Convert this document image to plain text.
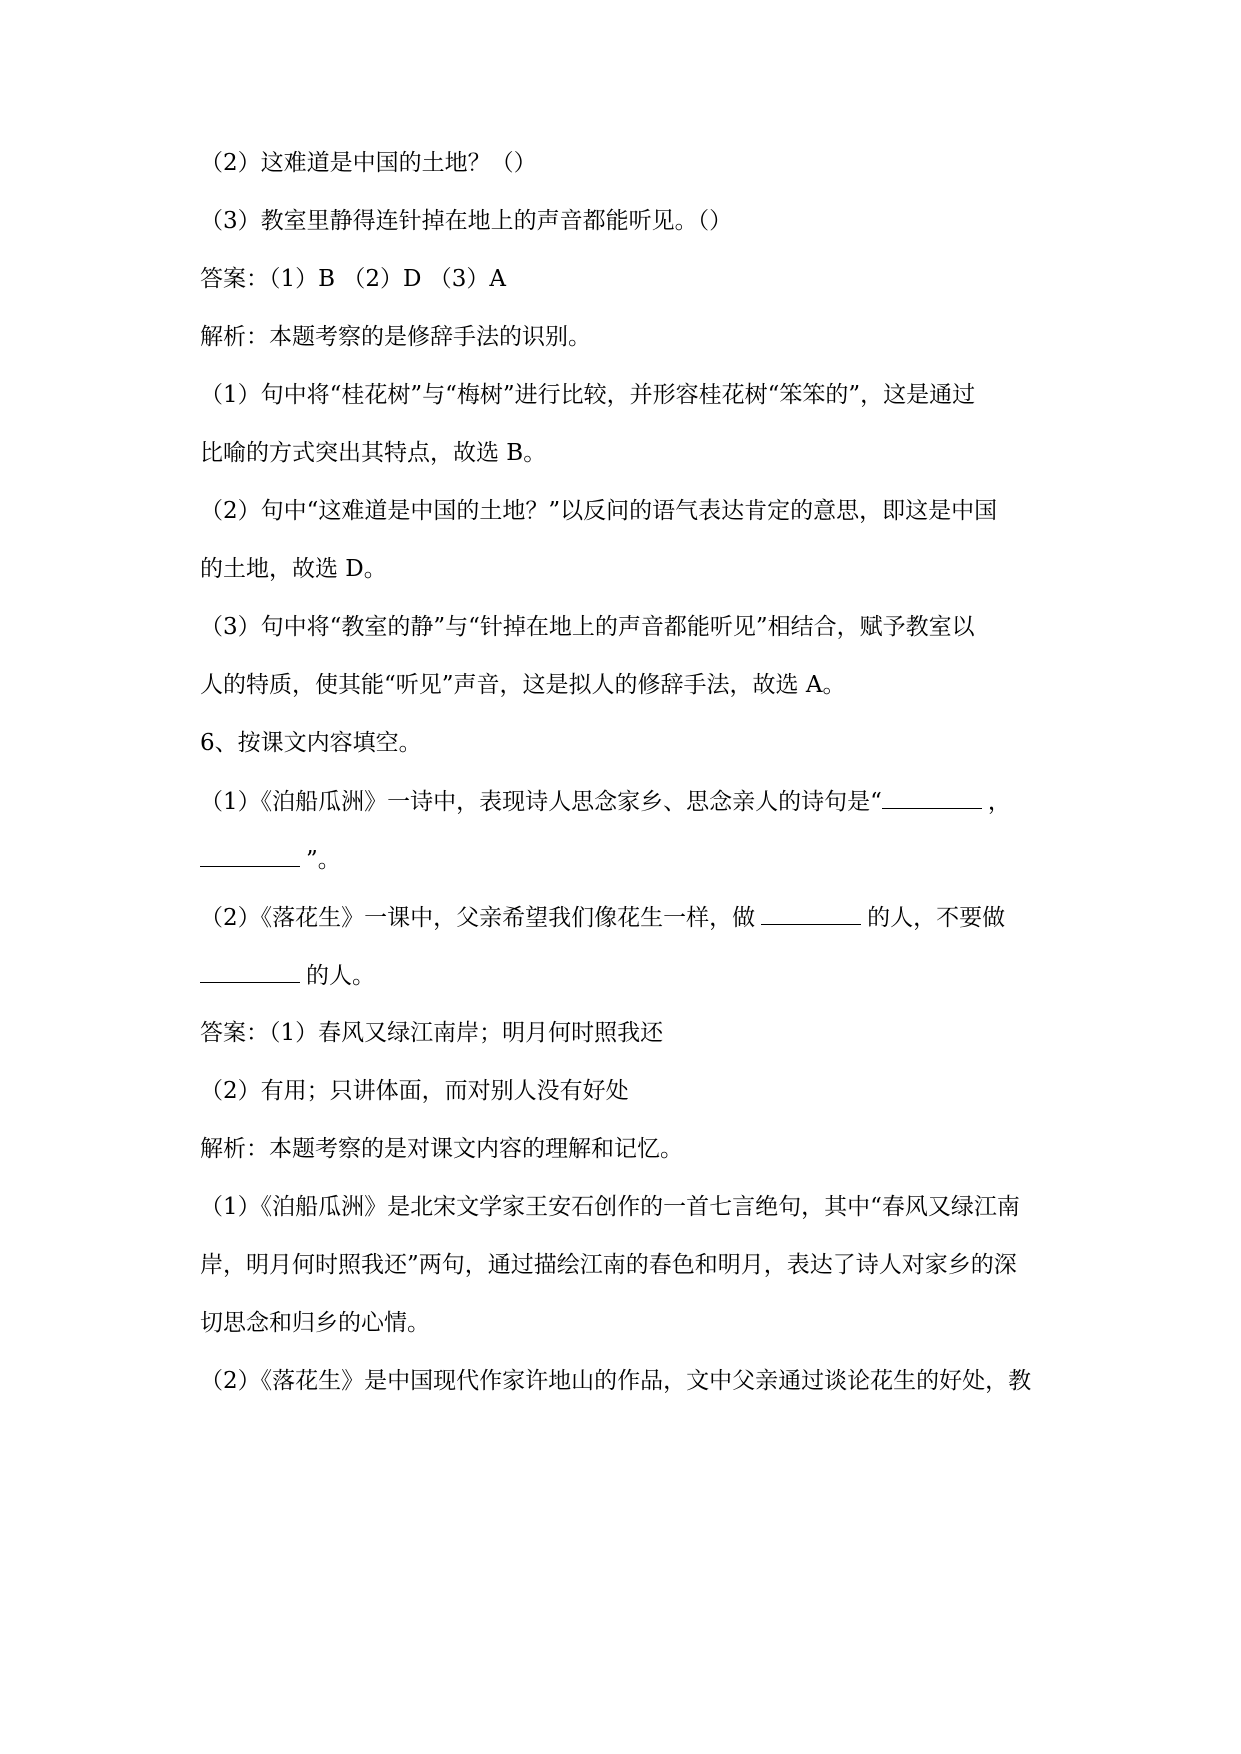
（2）这难道是中国的土地？（）
（3）教室里静得连针掉在地上的声音都能听见。（）
答案：（1）B （2）D （3）A
解析：本题考察的是修辞手法的识别。
（1）句中将“桂花树”与“梅树”进行比较，并形容桂花树“笨笨的”，这是通过
比喻的方式突出其特点，故选 B。
（2）句中“这难道是中国的土地？”以反问的语气表达肯定的意思，即这是中国
的土地，故选 D。
（3）句中将“教室的静”与“针掉在地上的声音都能听见”相结合，赋予教室以
人的特质，使其能“听见”声音，这是拟人的修辞手法，故选 A。
6、按课文内容填空。
（1）《泊船瓜洲》一诗中，表现诗人思念家乡、思念亲人的诗句是“	，
”。
（2）《落花生》一课中，父亲希望我们像花生一样，做	的人，不要做
的人。
答案：（1）春风又绿江南岸；明月何时照我还
（2）有用；只讲体面，而对别人没有好处
解析：本题考察的是对课文内容的理解和记忆。
（1）《泊船瓜洲》是北宋文学家王安石创作的一首七言绝句，其中“春风又绿江南
岸，明月何时照我还”两句，通过描绘江南的春色和明月，表达了诗人对家乡的深
切思念和归乡的心情。
（2）《落花生》是中国现代作家许地山的作品，文中父亲通过谈论花生的好处，教
